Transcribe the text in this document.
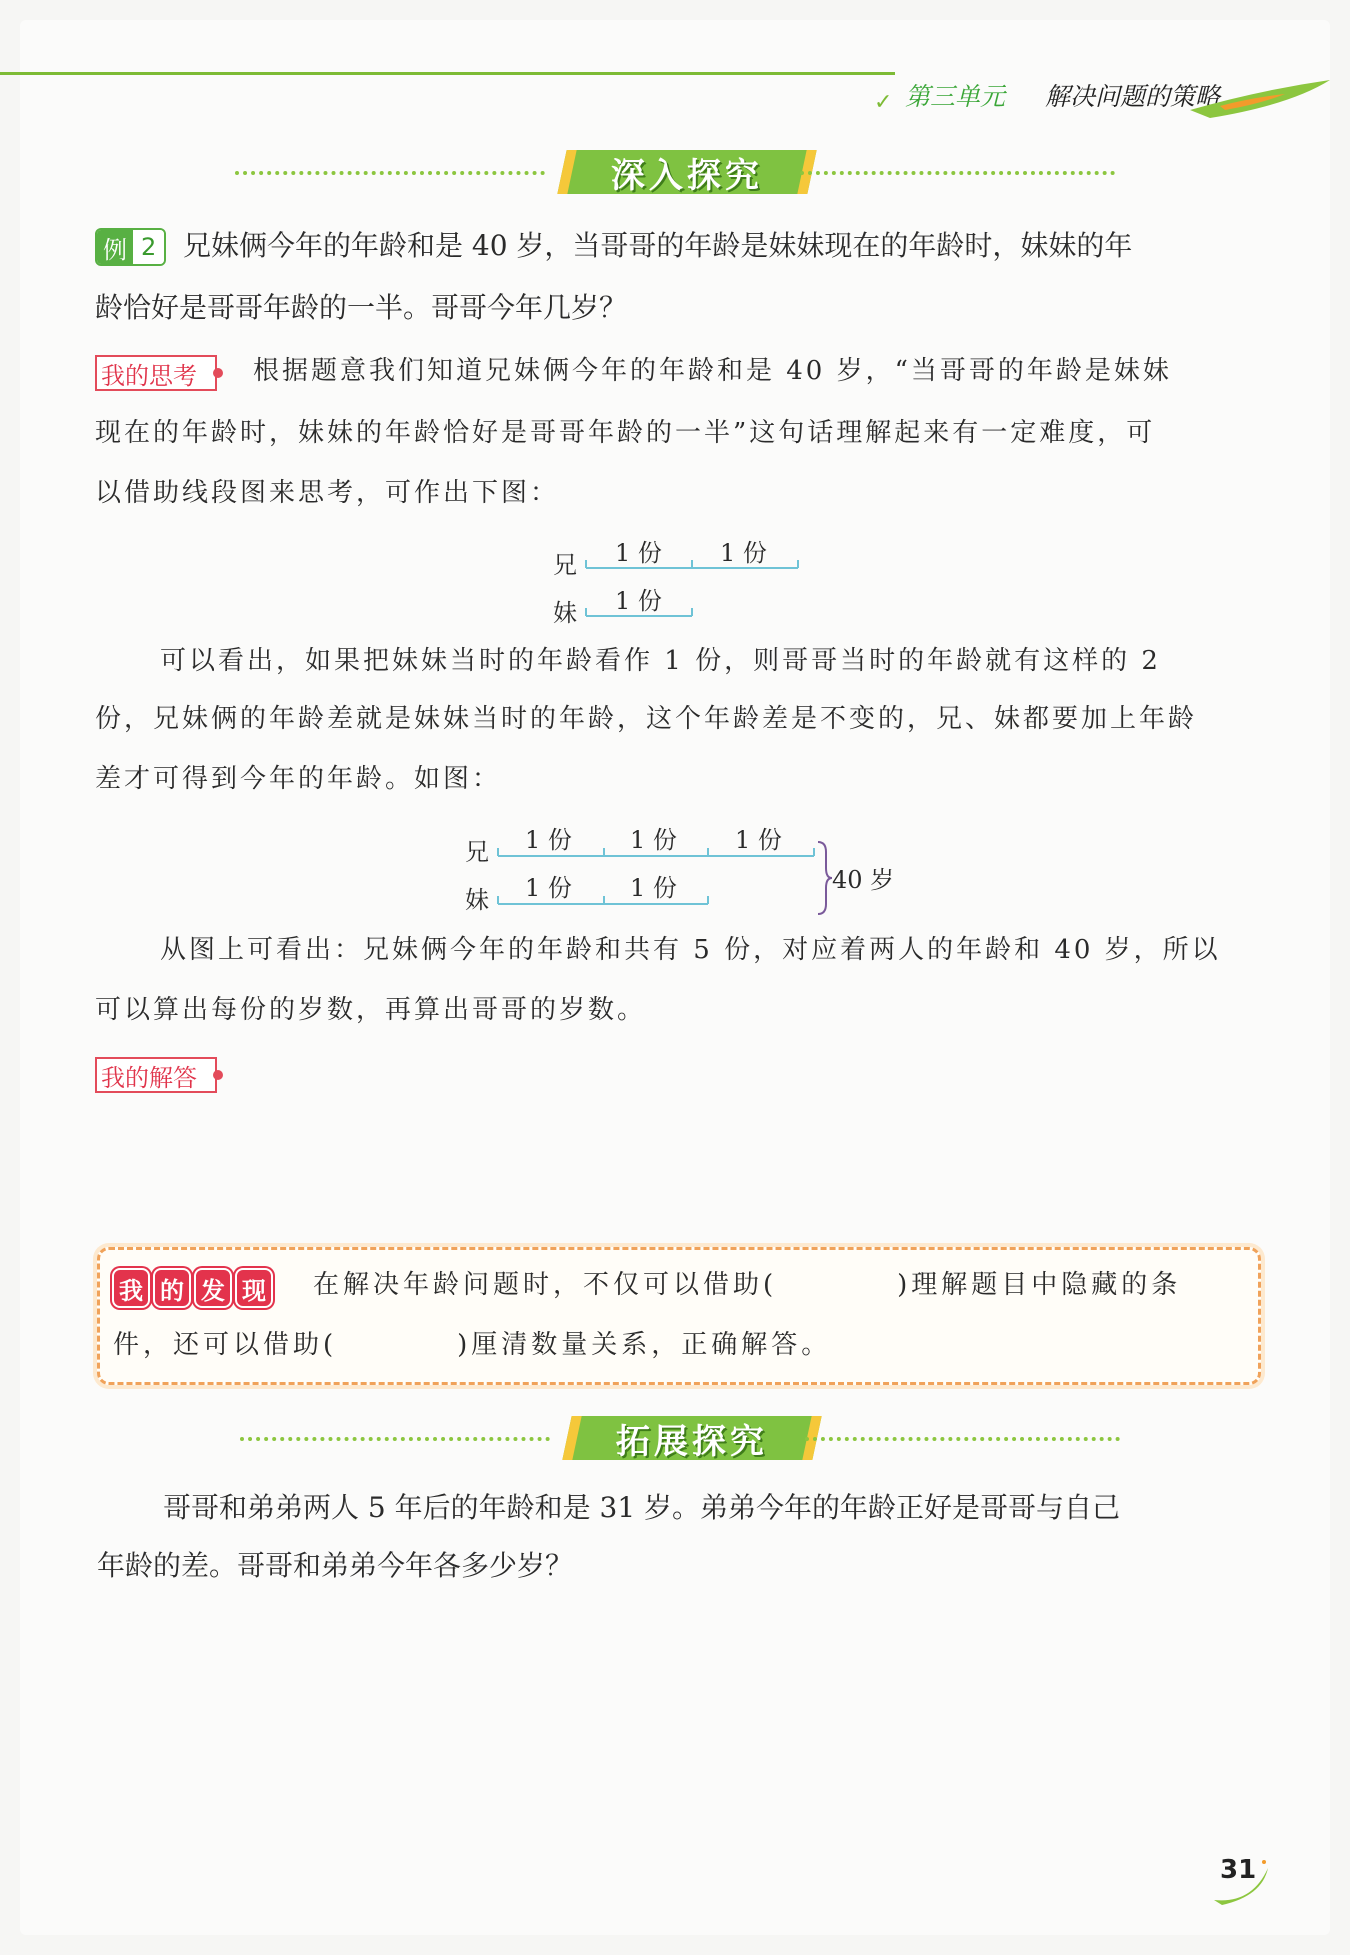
✓ 第三单元 解决问题的策略
深入探究
例 2 兄妹俩今年的年龄和是 40 岁，当哥哥的年龄是妹妹现在的年龄时，妹妹的年
龄恰好是哥哥年龄的一半。哥哥今年几岁？
我的思考 根据题意我们知道兄妹俩今年的年龄和是 40 岁，“当哥哥的年龄是妹妹
现在的年龄时，妹妹的年龄恰好是哥哥年龄的一半”这句话理解起来有一定难度，可
以借助线段图来思考，可作出下图：
兄 1 份 1 份
妹 1 份
可以看出，如果把妹妹当时的年龄看作 1 份，则哥哥当时的年龄就有这样的 2
份，兄妹俩的年龄差就是妹妹当时的年龄，这个年龄差是不变的，兄、妹都要加上年龄
差才可得到今年的年龄。如图：
兄 1 份 1 份 1 份
妹 1 份 1 份	40 岁
从图上可看出：兄妹俩今年的年龄和共有 5 份，对应着两人的年龄和 40 岁，所以
可以算出每份的岁数，再算出哥哥的岁数。
我的解答
我 的 发 现 在解决年龄问题时，不仅可以借助(　　　　)理解题目中隐藏的条
件，还可以借助(　　　　)厘清数量关系，正确解答。
拓展探究
哥哥和弟弟两人 5 年后的年龄和是 31 岁。弟弟今年的年龄正好是哥哥与自己
年龄的差。哥哥和弟弟今年各多少岁？
31
